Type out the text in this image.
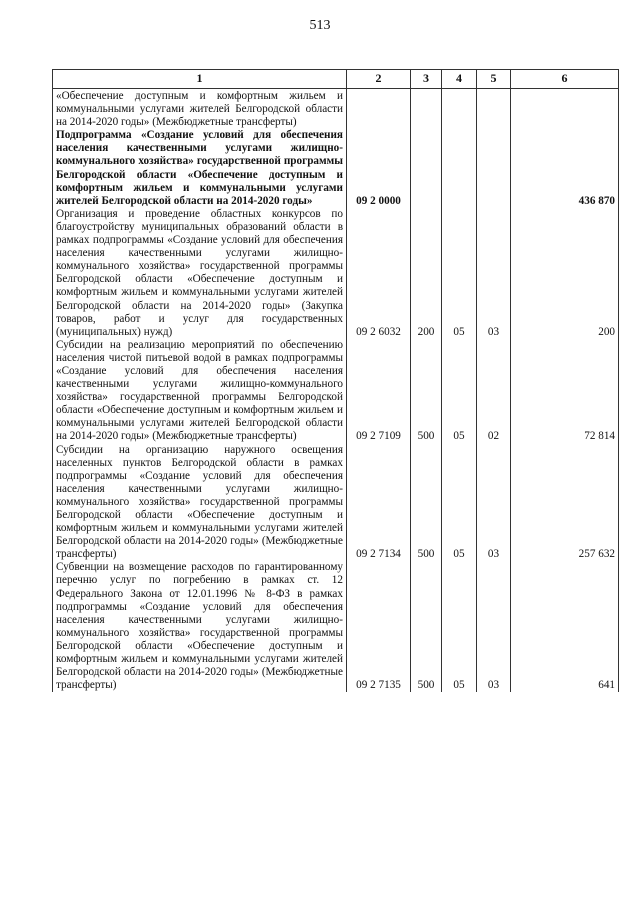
513
1	2	3	4	5	6
«Обеспечение доступным и комфортным жильем и коммунальными услугами жителей Белгородской области на 2014-2020 годы» (Межбюджетные трансферты)					
Подпрограмма «Создание условий для обеспечения населения качественными услугами жилищно-коммунального хозяйства» государственной программы Белгородской области «Обеспечение доступным и комфортным жильем и коммунальными услугами жителей Белгородской области на 2014-2020 годы»	09 2 0000				436 870
Организация и проведение областных конкурсов по благоустройству муниципальных образований области в рамках подпрограммы «Создание условий для обеспечения населения качественными услугами жилищно-коммунального хозяйства» государственной программы Белгородской области «Обеспечение доступным и комфортным жильем и коммунальными услугами жителей Белгородской области на 2014-2020 годы» (Закупка товаров, работ и услуг для государственных (муниципальных) нужд)	09 2 6032	200	05	03	200
Субсидии на реализацию мероприятий по обеспечению населения чистой питьевой водой в рамках подпрограммы «Создание условий для обеспечения населения качественными услугами жилищно-коммунального хозяйства» государственной программы Белгородской области «Обеспечение доступным и комфортным жильем и коммунальными услугами жителей Белгородской области на 2014-2020 годы» (Межбюджетные трансферты)	09 2 7109	500	05	02	72 814
Субсидии на организацию наружного освещения населенных пунктов Белгородской области в рамках подпрограммы «Создание условий для обеспечения населения качественными услугами жилищно-коммунального хозяйства» государственной программы Белгородской области «Обеспечение доступным и комфортным жильем и коммунальными услугами жителей Белгородской области на 2014-2020 годы» (Межбюджетные трансферты)	09 2 7134	500	05	03	257 632
Субвенции на возмещение расходов по гарантированному перечню услуг по погребению в рамках ст. 12 Федерального Закона от 12.01.1996 № 8-ФЗ в рамках подпрограммы «Создание условий для обеспечения населения качественными услугами жилищно-коммунального хозяйства» государственной программы Белгородской области «Обеспечение доступным и комфортным жильем и коммунальными услугами жителей Белгородской области на 2014-2020 годы» (Межбюджетные трансферты)	09 2 7135	500	05	03	641
